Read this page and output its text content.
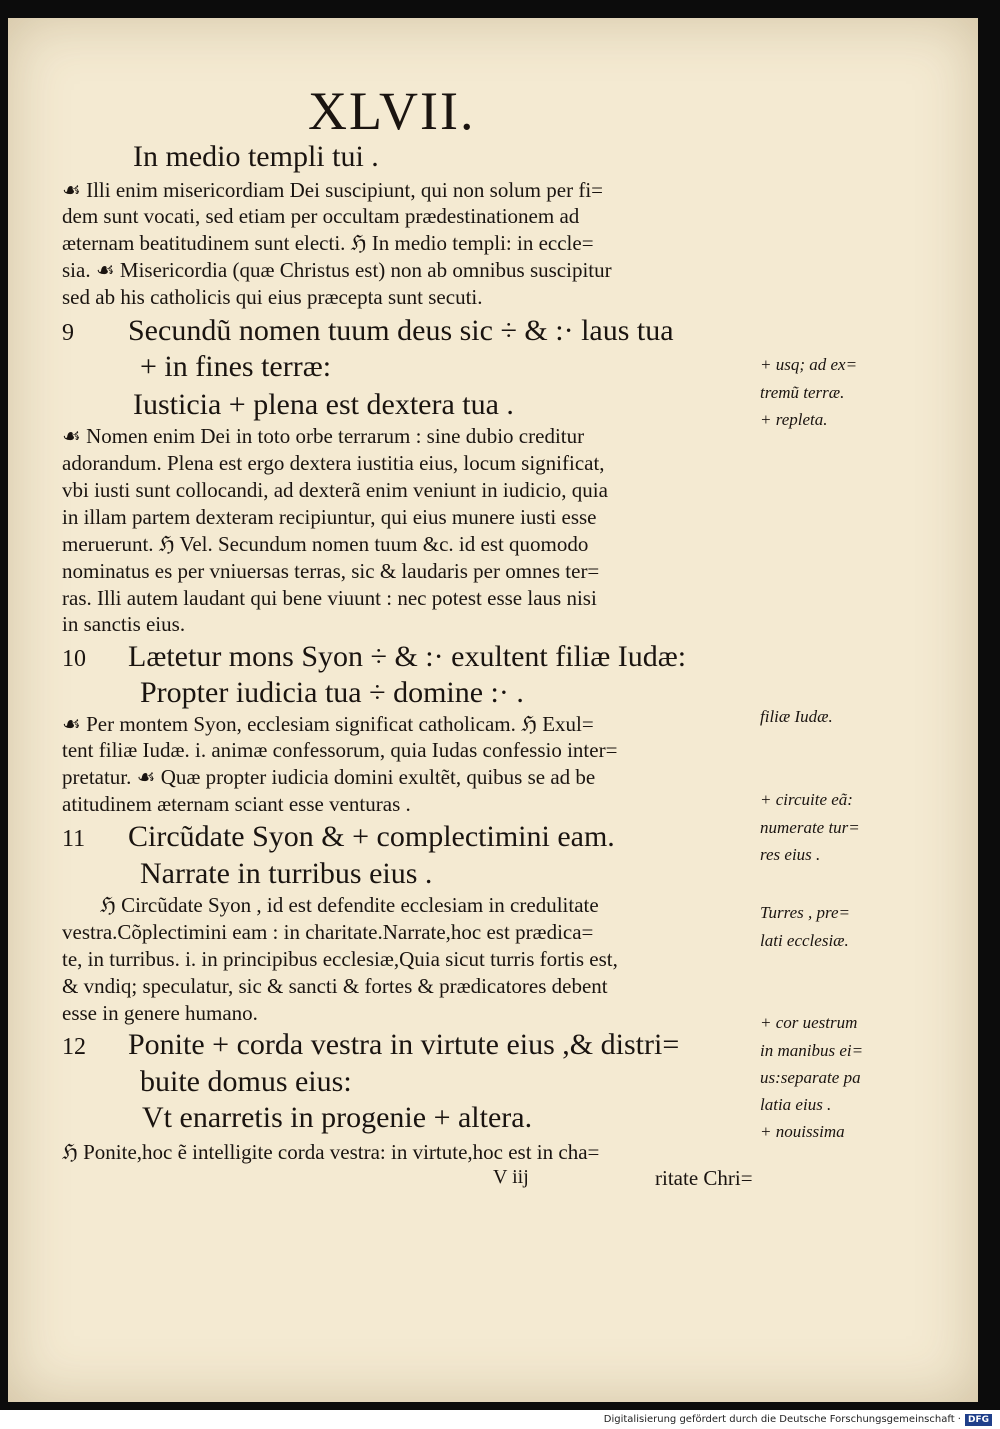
XLVII.
In medio templi tui .
☙ Illi enim misericordiam Dei suscipiunt, qui non solum per fi=
dem sunt vocati, sed etiam per occultam prædestinationem ad
æternam beatitudinem sunt electi. ℌ In medio templi: in eccle=
sia. ☙ Misericordia (quæ Christus est) non ab omnibus suscipitur
sed ab his catholicis qui eius præcepta sunt secuti.
9 Secundũ nomen tuum deus sic ÷ & :· laus tua
+ in fines terræ:
Iusticia + plena est dextera tua .
☙ Nomen enim Dei in toto orbe terrarum : sine dubio creditur
adorandum. Plena est ergo dextera iustitia eius, locum significat,
vbi iusti sunt collocandi, ad dexterã enim veniunt in iudicio, quia
in illam partem dexteram recipiuntur, qui eius munere iusti esse
meruerunt. ℌ Vel. Secundum nomen tuum &c. id est quomodo
nominatus es per vniuersas terras, sic & laudaris per omnes ter=
ras. Illi autem laudant qui bene viuunt : nec potest esse laus nisi
in sanctis eius.
10 Lætetur mons Syon ÷ & :· exultent filiæ Iudæ:
Propter iudicia tua ÷ domine :· .
☙ Per montem Syon, ecclesiam significat catholicam. ℌ Exul=
tent filiæ Iudæ. i. animæ confessorum, quia Iudas confessio inter=
pretatur. ☙ Quæ propter iudicia domini exultẽt, quibus se ad be
atitudinem æternam sciant esse venturas .
11 Circũdate Syon & + complectimini eam.
Narrate in turribus eius .
ℌ Circũdate Syon , id est defendite ecclesiam in credulitate
vestra.Cõplectimini eam : in charitate.Narrate,hoc est prædica=
te, in turribus. i. in principibus ecclesiæ,Quia sicut turris fortis est,
& vndiq; speculatur, sic & sancti & fortes & prædicatores debent
esse in genere humano.
12 Ponite + corda vestra in virtute eius ,& distri=
buite domus eius:
Vt enarretis in progenie + altera.
ℌ Ponite,hoc ẽ intelligite corda vestra: in virtute,hoc est in cha=
V iij	ritate Chri=
+ usq; ad ex=
tremũ terræ.
+ repleta.
filiæ Iudæ.
+ circuite eã:
numerate tur=
res eius .
Turres , pre=
lati ecclesiæ.
+ cor uestrum
in manibus ei=
us:separate pa
latia eius .
+ nouissima
Digitalisierung gefördert durch die Deutsche Forschungsgemeinschaft · DFG
